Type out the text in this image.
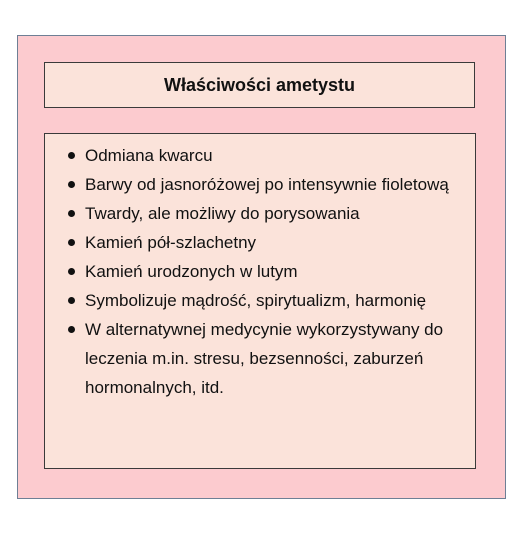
Właściwości ametystu
Odmiana kwarcu
Barwy od jasnoróżowej po intensywnie fioletową
Twardy, ale możliwy do porysowania
Kamień pół-szlachetny
Kamień urodzonych w lutym
Symbolizuje mądrość, spirytualizm, harmonię
W alternatywnej medycynie wykorzystywany do leczenia m.in. stresu, bezsenności, zaburzeń hormonalnych, itd.
